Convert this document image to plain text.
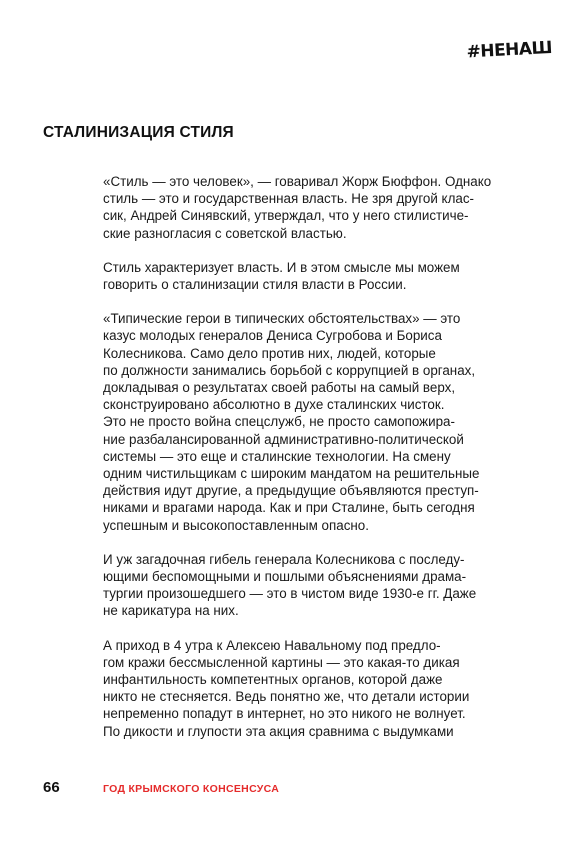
#НЕНАШ
СТАЛИНИЗАЦИЯ СТИЛЯ

«Стиль — это человек», — говаривал Жорж Бюффон. Однако
стиль — это и государственная власть. Не зря другой клас-
сик, Андрей Синявский, утверждал, что у него стилистиче-
ские разногласия с советской властью.

Стиль характеризует власть. И в этом смысле мы можем
говорить о сталинизации стиля власти в России.

«Типические герои в типических обстоятельствах» — это
казус молодых генералов Дениса Сугробова и Бориса
Колесникова. Само дело против них, людей, которые
по должности занимались борьбой с коррупцией в органах,
докладывая о результатах своей работы на самый верх,
сконструировано абсолютно в духе сталинских чисток.
Это не просто война спецслужб, не просто самопожира-
ние разбалансированной административно-политической
системы — это еще и сталинские технологии. На смену
одним чистильщикам с широким мандатом на решительные
действия идут другие, а предыдущие объявляются преступ-
никами и врагами народа. Как и при Сталине, быть сегодня
успешным и высокопоставленным опасно.

И уж загадочная гибель генерала Колесникова с последу-
ющими беспомощными и пошлыми объяснениями драма-
тургии произошедшего — это в чистом виде 1930-е гг. Даже
не карикатура на них.

А приход в 4 утра к Алексею Навальному под предло-
гом кражи бессмысленной картины — это какая-то дикая
инфантильность компетентных органов, которой даже
никто не стесняется. Ведь понятно же, что детали истории
непременно попадут в интернет, но это никого не волнует.
По дикости и глупости эта акция сравнима с выдумками

66	ГОД КРЫМСКОГО КОНСЕНСУСА
